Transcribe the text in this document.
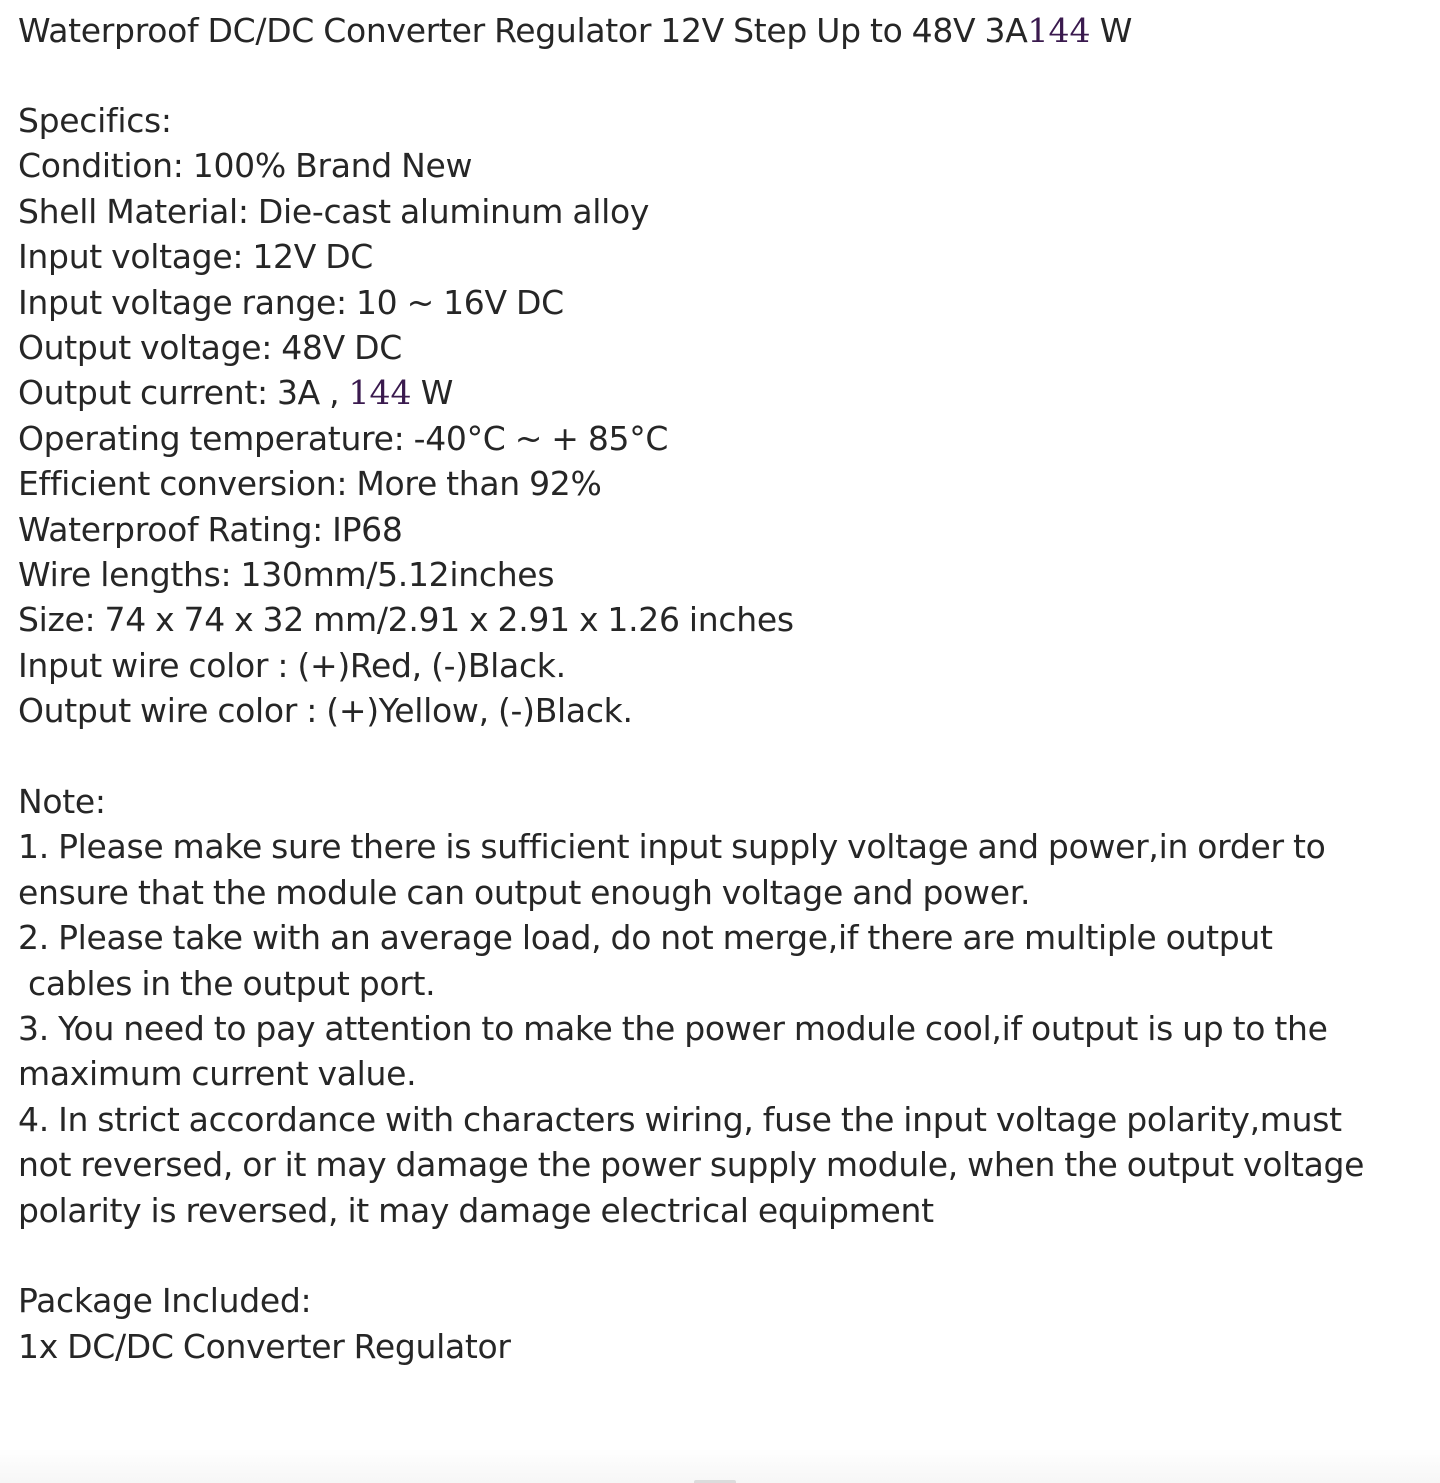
Waterproof DC/DC Converter Regulator 12V Step Up to 48V 3A144 W
Specifics:
Condition: 100% Brand New
Shell Material: Die-cast aluminum alloy
Input voltage: 12V DC
Input voltage range: 10 ~ 16V DC
Output voltage: 48V DC
Output current: 3A , 144 W
Operating temperature: -40°C ~ + 85°C
Efficient conversion: More than 92%
Waterproof Rating: IP68
Wire lengths: 130mm/5.12inches
Size: 74 x 74 x 32 mm/2.91 x 2.91 x 1.26 inches
Input wire color : (+)Red, (-)Black.
Output wire color : (+)Yellow, (-)Black.
Note:
1. Please make sure there is sufficient input supply voltage and power,in order to
ensure that the module can output enough voltage and power.
2. Please take with an average load, do not merge,if there are multiple output
cables in the output port.
3. You need to pay attention to make the power module cool,if output is up to the
maximum current value.
4. In strict accordance with characters wiring, fuse the input voltage polarity,must
not reversed, or it may damage the power supply module, when the output voltage
polarity is reversed, it may damage electrical equipment
Package Included:
1x DC/DC Converter Regulator
